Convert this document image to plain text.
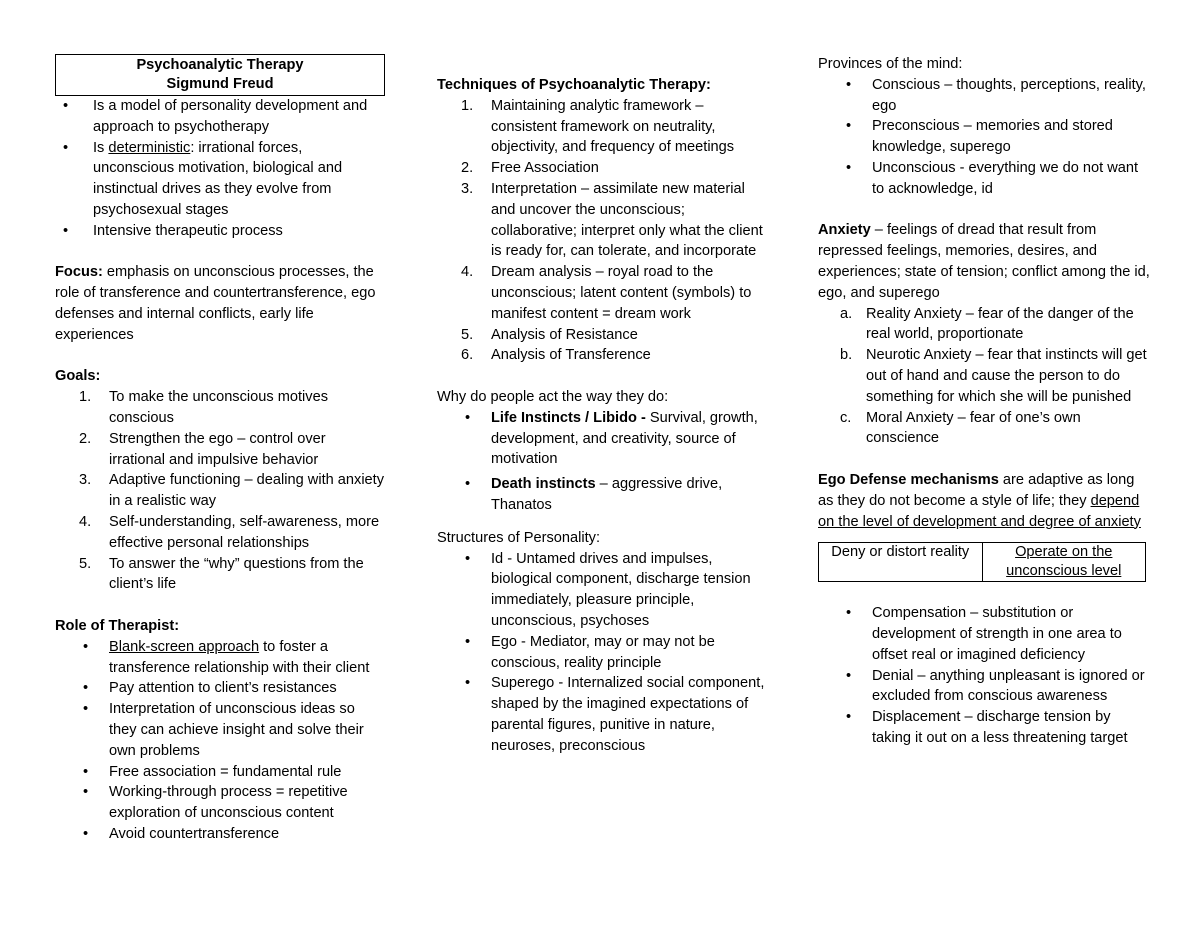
Psychoanalytic Therapy
Sigmund Freud
• Is a model of personality development and approach to psychotherapy
• Is deterministic: irrational forces, unconscious motivation, biological and instinctual drives as they evolve from psychosexual stages
• Intensive therapeutic process

Focus: emphasis on unconscious processes, the role of transference and countertransference, ego defenses and internal conflicts, early life experiences

Goals:

1.	To make the unconscious motives conscious
2.	Strengthen the ego – control over irrational and impulsive behavior
3.	Adaptive functioning – dealing with anxiety in a realistic way
4.	Self-understanding, self-awareness, more effective personal relationships
5.	To answer the “why” questions from the client’s life

Role of Therapist:

• Blank-screen approach to foster a transference relationship with their client
• Pay attention to client’s resistances
• Interpretation of unconscious ideas so they can achieve insight and solve their own problems
• Free association = fundamental rule
• Working-through process = repetitive exploration of unconscious content
• Avoid countertransference

Techniques of Psychoanalytic Therapy:

1.	Maintaining analytic framework – consistent framework on neutrality, objectivity, and frequency of meetings
2.	Free Association
3.	Interpretation – assimilate new material and uncover the unconscious; collaborative; interpret only what the client is ready for, can tolerate, and incorporate
4.	Dream analysis – royal road to the unconscious; latent content (symbols) to manifest content = dream work
5.	Analysis of Resistance
6.	Analysis of Transference

Why do people act the way they do:

• Life Instincts / Libido - Survival, growth, development, and creativity, source of motivation
• Death instincts – aggressive drive, Thanatos

Structures of Personality:

• Id - Untamed drives and impulses, biological component, discharge tension immediately, pleasure principle, unconscious, psychoses
• Ego - Mediator, may or may not be conscious, reality principle
• Superego - Internalized social component, shaped by the imagined expectations of parental figures, punitive in nature, neuroses, preconscious

Provinces of the mind:

• Conscious – thoughts, perceptions, reality, ego
• Preconscious – memories and stored knowledge, superego
• Unconscious - everything we do not want to acknowledge, id

Anxiety – feelings of dread that result from repressed feelings, memories, desires, and experiences; state of tension; conflict among the id, ego, and superego

a. Reality Anxiety – fear of the danger of the real world, proportionate
b. Neurotic Anxiety – fear that instincts will get out of hand and cause the person to do something for which she will be punished
c. Moral Anxiety – fear of one’s own conscience

Ego Defense mechanisms are adaptive as long as they do not become a style of life; they depend on the level of development and degree of anxiety

Deny or distort reality	Operate on the unconscious level
• Compensation – substitution or development of strength in one area to offset real or imagined deficiency
• Denial – anything unpleasant is ignored or excluded from conscious awareness
• Displacement – discharge tension by taking it out on a less threatening target
